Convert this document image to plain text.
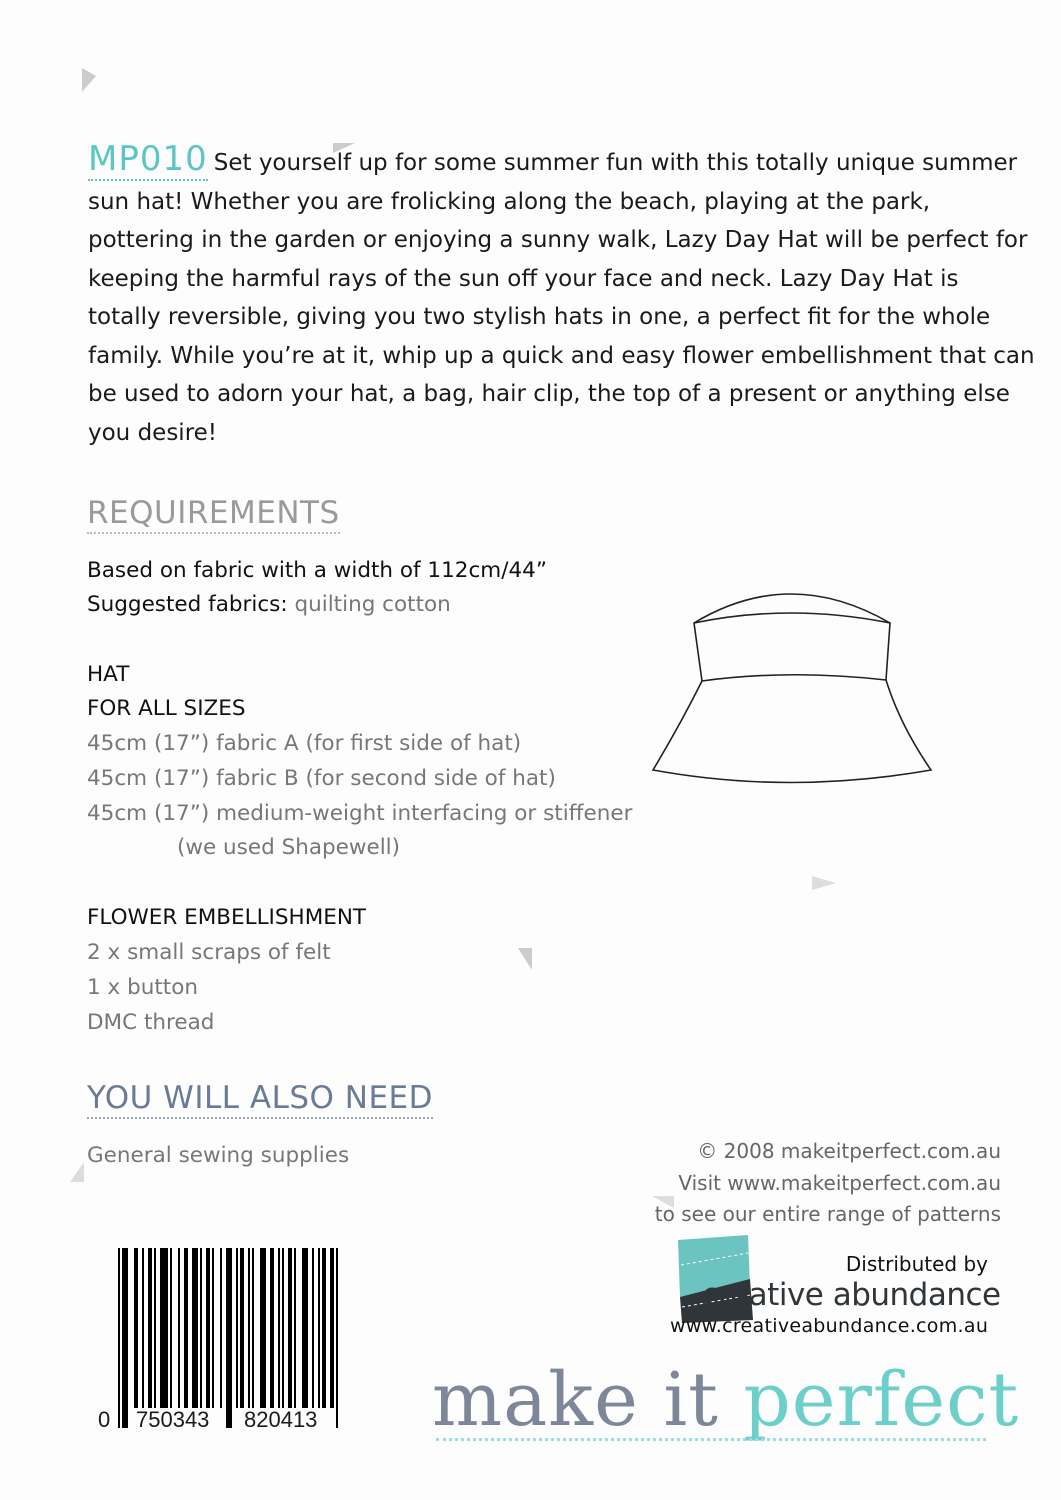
MP010 Set yourself up for some summer fun with this totally unique summer sun hat! Whether you are frolicking along the beach, playing at the park, pottering in the garden or enjoying a sunny walk, Lazy Day Hat will be perfect for keeping the harmful rays of the sun off your face and neck. Lazy Day Hat is totally reversible, giving you two stylish hats in one, a perfect fit for the whole family. While you’re at it, whip up a quick and easy flower embellishment that can be used to adorn your hat, a bag, hair clip, the top of a present or anything else you desire!
REQUIREMENTS
Based on fabric with a width of 112cm/44”
Suggested fabrics: quilting cotton
HAT
FOR ALL SIZES
45cm (17”) fabric A (for first side of hat)
45cm (17”) fabric B (for second side of hat)
45cm (17”) medium-weight interfacing or stiffener
(we used Shapewell)
FLOWER EMBELLISHMENT
2 x small scraps of felt
1 x button
DMC thread
YOU WILL ALSO NEED
General sewing supplies	© 2008 makeitperfect.com.au
Visit www.makeitperfect.com.au
to see our entire range of patterns
Distributed by
creative abundance
www.creativeabundance.com.au
make it perfect
0 750343 820413
